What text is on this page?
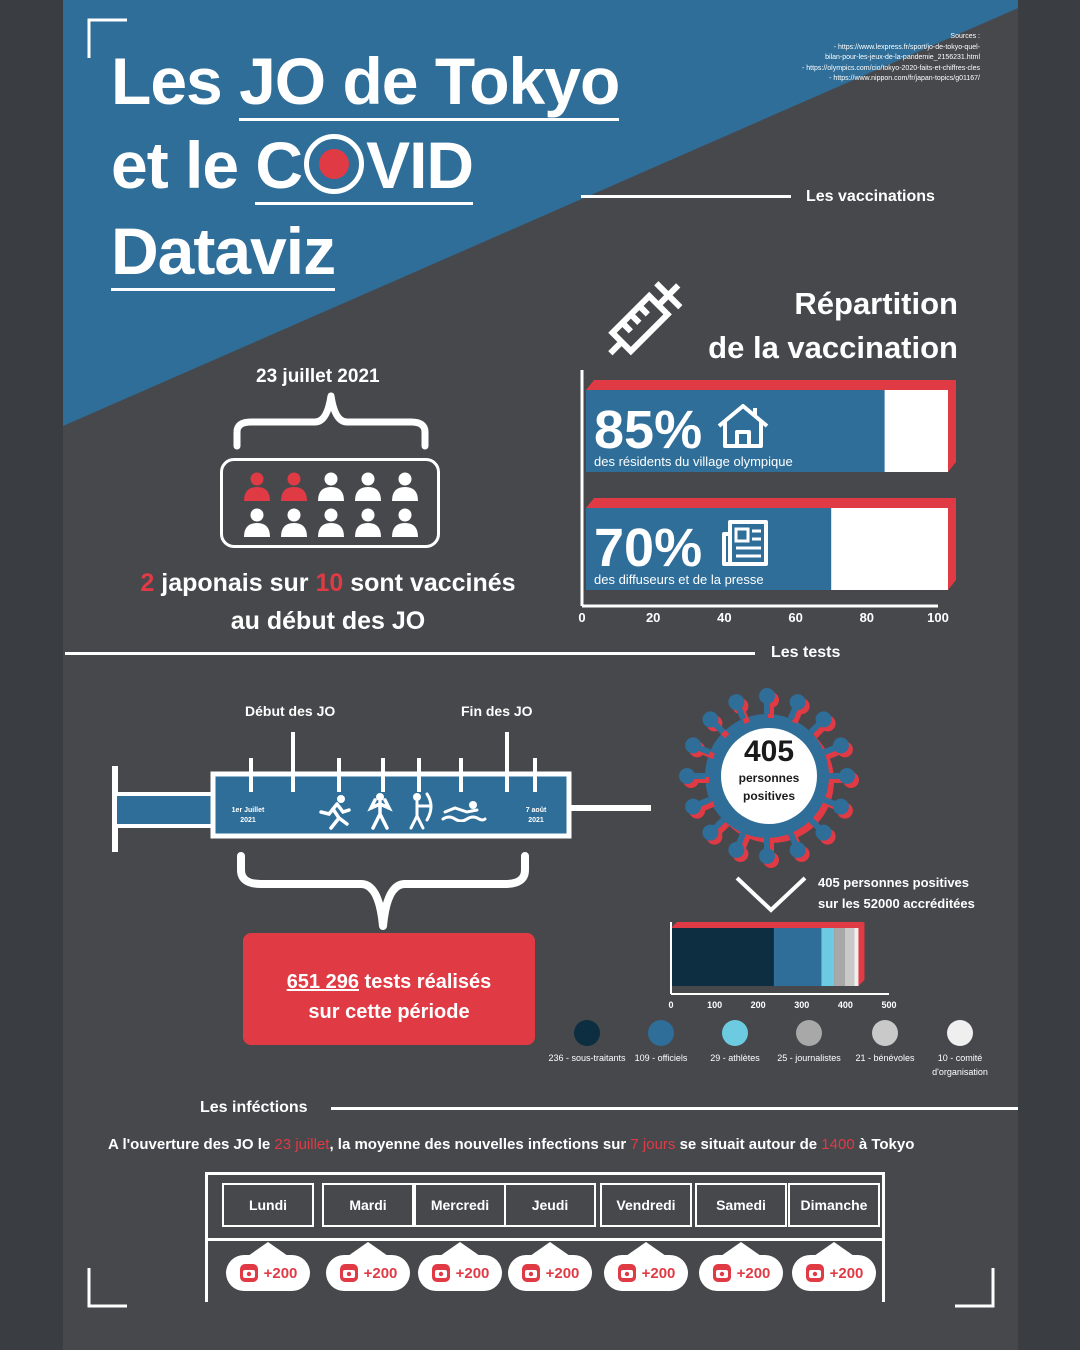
Les JO de Tokyo
et le C VID
Dataviz
Sources :
- https://www.lexpress.fr/sport/jo-de-tokyo-quel-
bilan-pour-les-jeux-de-la-pandemie_2156231.html
- https://olympics.com/cio/tokyo-2020-faits-et-chiffres-cles
- https://www.nippon.com/fr/japan-topics/g01167/
Les vaccinations
23 juillet 2021
2 japonais sur 10 sont vaccinés
au début des JO
Répartition
de la vaccination
85%
des résidents du village olympique
70%
des diffuseurs et de la presse
0	20	40	60	80	100
Les tests
Début des JO	Fin des JO
1er Juillet
2021
7 août
2021
651 296 tests réalisés
sur cette période
405
personnes
positives
405 personnes positives
sur les 52000 accréditées
0	100	200	300	400	500
236 - sous-traitants	109 - officiels	29 - athlètes	25 - journalistes	21 - bénévoles	10 - comité d'organisation
Les inféctions
A l'ouverture des JO le 23 juillet, la moyenne des nouvelles infections sur 7 jours se situait autour de 1400 à Tokyo
Lundi
+200
Mardi
+200
Mercredi
+200
Jeudi
+200
Vendredi
+200
Samedi
+200
Dimanche
+200
